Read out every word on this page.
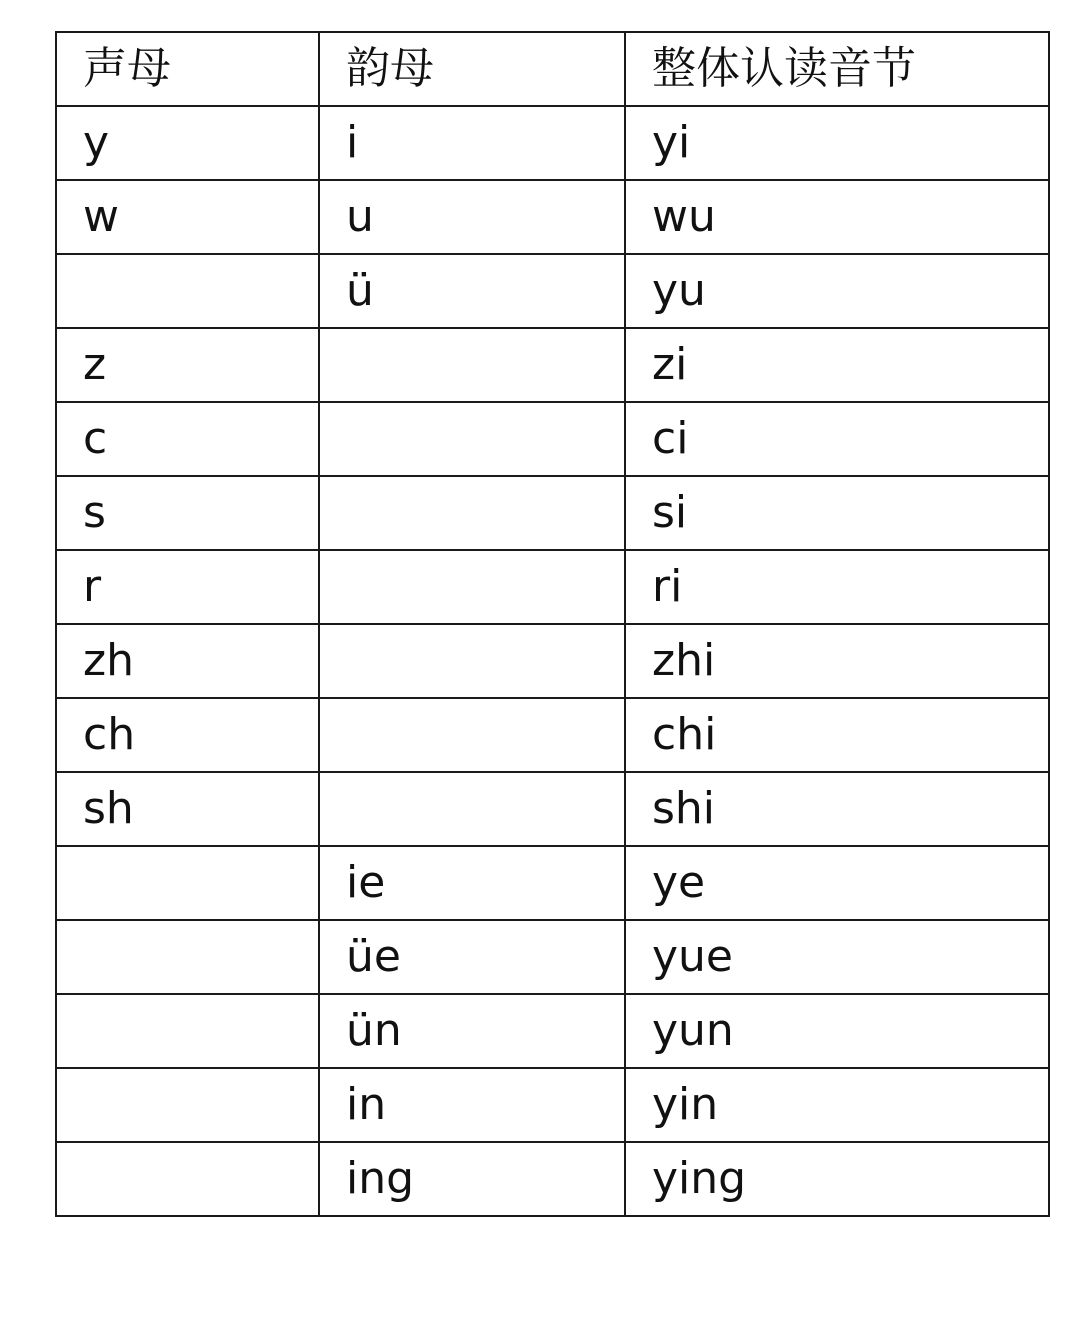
声母	韵母	整体认读音节
y	i	yi
w	u	wu
	ü	yu
z		zi
c		ci
s		si
r		ri
zh		zhi
ch		chi
sh		shi
	ie	ye
	üe	yue
	ün	yun
	in	yin
	ing	ying
